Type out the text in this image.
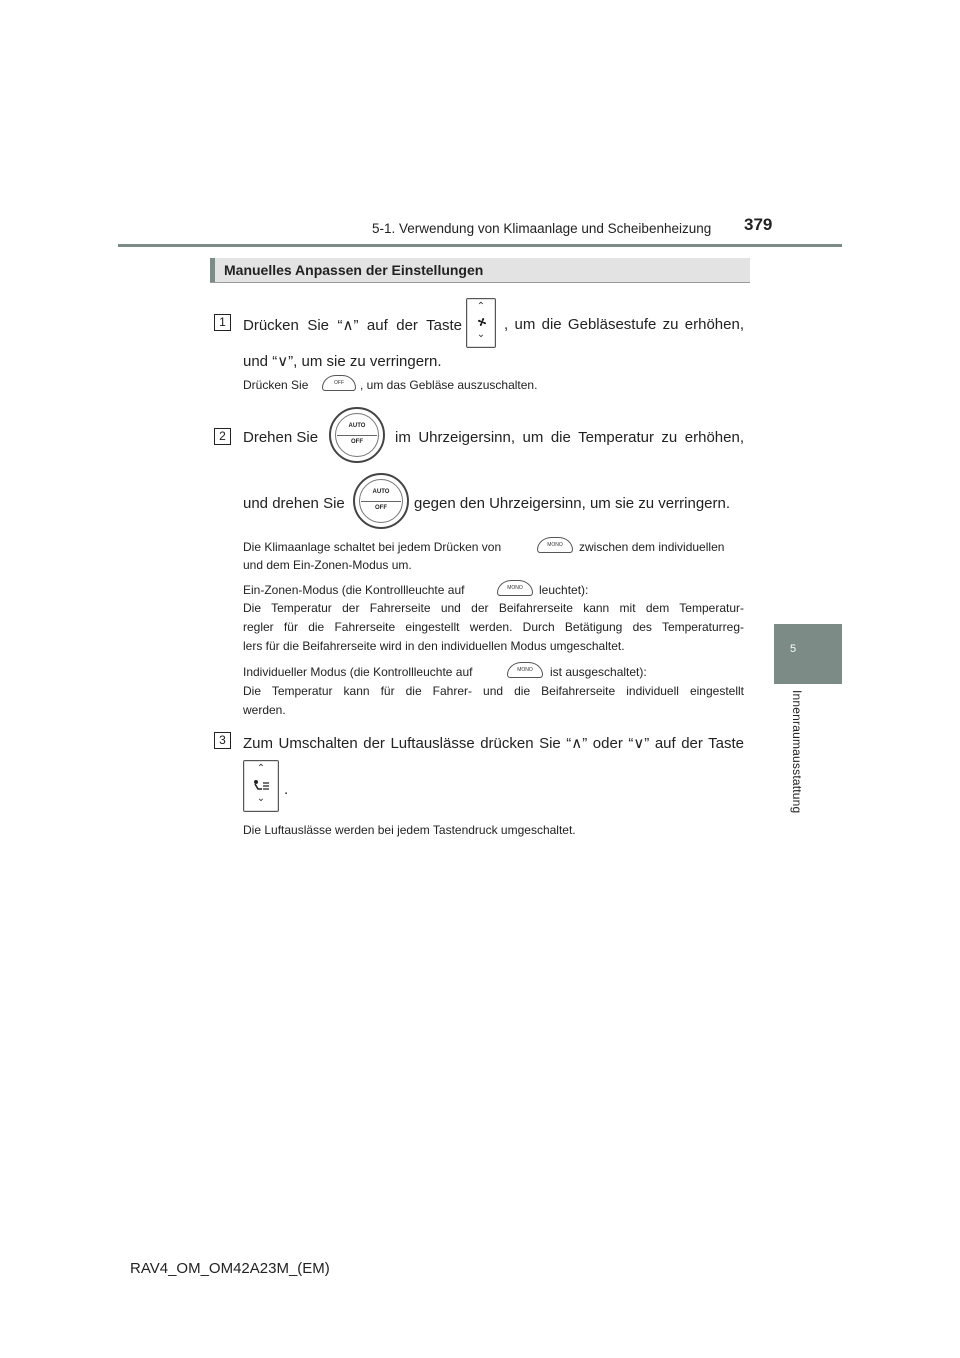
5-1. Verwendung von Klimaanlage und Scheibenheizung 379
5
Innenraumausstattung
Manuelles Anpassen der Einstellungen
1	Drücken Sie “∧” auf der Taste
⌃
⌄
, um die Gebläsestufe zu erhöhen,
und “∨”, um sie zu verringern.
Drücken Sie	OFF	, um das Gebläse auszuschalten.
2	Drehen Sie
AUTO
OFF	im Uhrzeigersinn, um die Temperatur zu erhöhen,
und drehen Sie
AUTO
OFF	gegen den Uhrzeigersinn, um sie zu verringern.
Die Klimaanlage schaltet bei jedem Drücken von	MONO	zwischen dem individuellen
und dem Ein-Zonen-Modus um.
Ein-Zonen-Modus (die Kontrollleuchte auf	MONO	leuchtet):
Die Temperatur der Fahrerseite und der Beifahrerseite kann mit dem Temperatur-
regler für die Fahrerseite eingestellt werden. Durch Betätigung des Temperaturreg-
lers für die Beifahrerseite wird in den individuellen Modus umgeschaltet.
Individueller Modus (die Kontrollleuchte auf	MONO	ist ausgeschaltet):
Die Temperatur kann für die Fahrer- und die Beifahrerseite individuell eingestellt
werden.
3	Zum Umschalten der Luftauslässe drücken Sie “∧” oder “∨” auf der Taste
⌃
⌄
.
Die Luftauslässe werden bei jedem Tastendruck umgeschaltet.
RAV4_OM_OM42A23M_(EM)
